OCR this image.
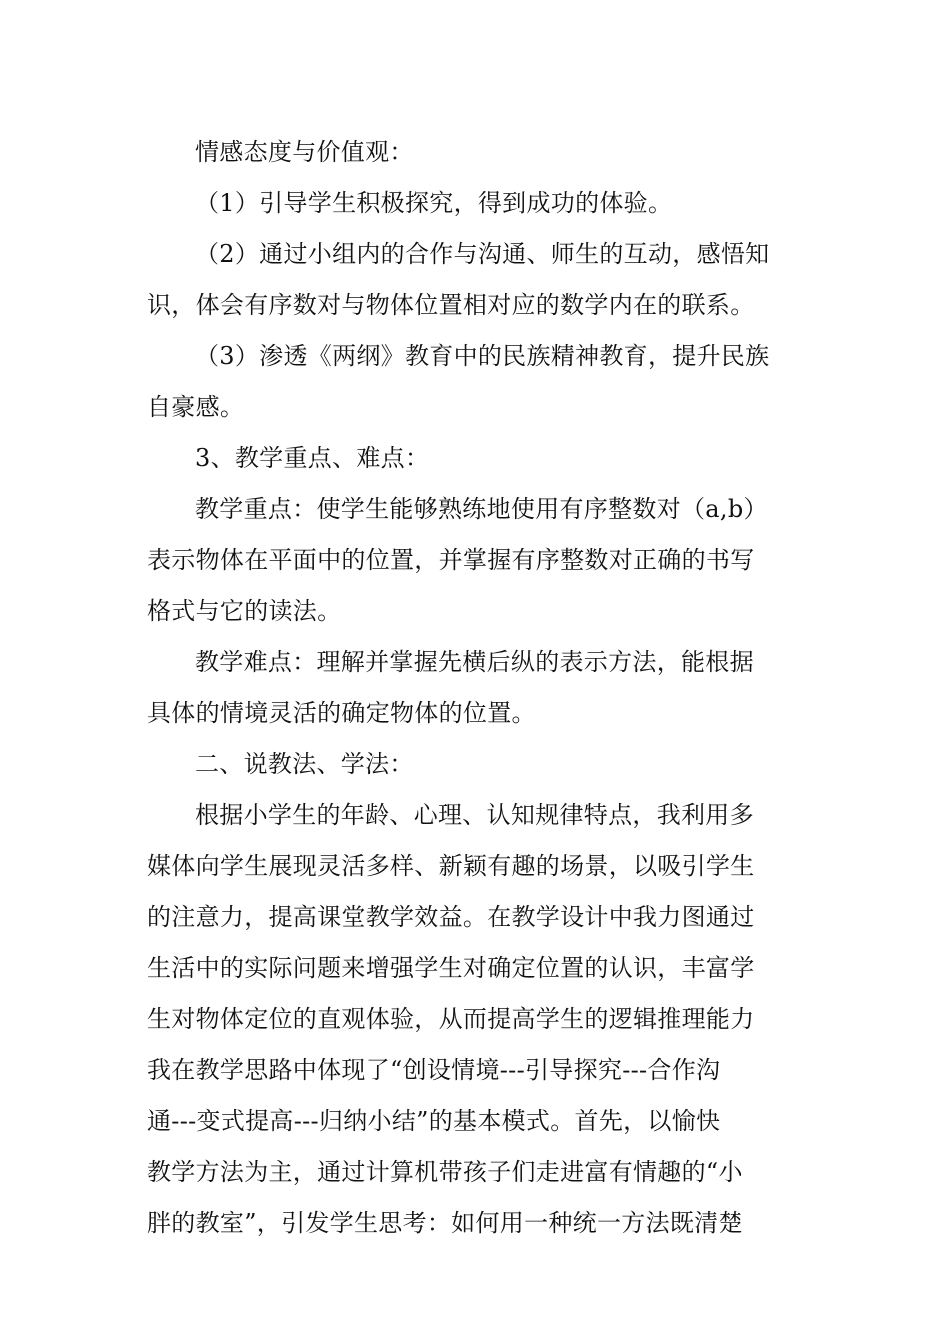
情感态度与价值观：

（1）引导学生积极探究，得到成功的体验。

（2）通过小组内的合作与沟通、师生的互动，感悟知
识，体会有序数对与物体位置相对应的数学内在的联系。

（3）渗透《两纲》教育中的民族精神教育，提升民族
自豪感。

3、教学重点、难点：

教学重点：使学生能够熟练地使用有序整数对（a,b）
表示物体在平面中的位置，并掌握有序整数对正确的书写
格式与它的读法。

教学难点：理解并掌握先横后纵的表示方法，能根据
具体的情境灵活的确定物体的位置。

二、说教法、学法：

根据小学生的年龄、心理、认知规律特点，我利用多
媒体向学生展现灵活多样、新颖有趣的场景，以吸引学生
的注意力，提高课堂教学效益。在教学设计中我力图通过
生活中的实际问题来增强学生对确定位置的认识，丰富学
生对物体定位的直观体验，从而提高学生的逻辑推理能力
我在教学思路中体现了“创设情境---引导探究---合作沟
通---变式提高---归纳小结”的基本模式。首先，以愉快
教学方法为主，通过计算机带孩子们走进富有情趣的“小
胖的教室”，引发学生思考：如何用一种统一方法既清楚
